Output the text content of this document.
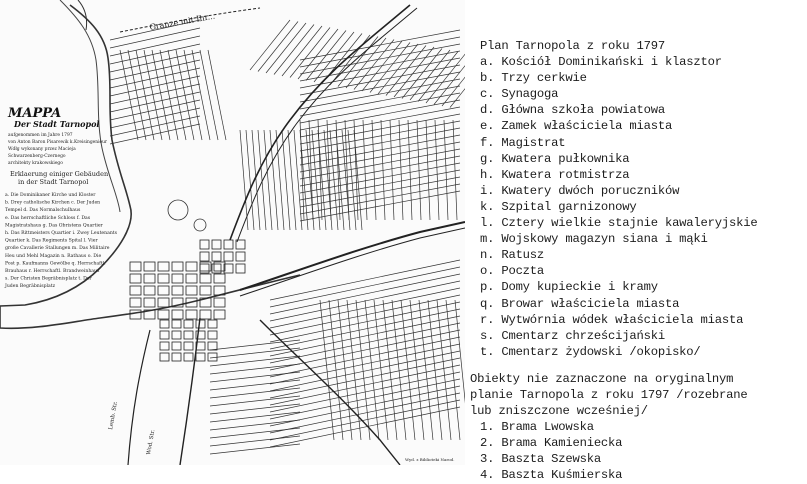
Granze mit Ihr...
MAPPA
Der Stadt Tarnopol
aufgenommen im Jahre 1797
von Anton Baron Pisarewik k.Kreisingenieur
Wdłg wykonany przez Macieja
Schwarzenberg-Czernego
architekty krakowskiego
Erklaerung einiger Gebäuden
in der Stadt Tarnopol
a. Die Dominikaner Kirche und Kloster
b. Drey catholische Kirchen c. Der Juden
Tempel d. Das Normalschulhaus
e. Das herrschaftliche Schloss f. Das
Magistratshaus g. Das Obristens Quartier
h. Das Rittmeisters Quartier i. Zwey Leutenants
Quartier k. Das Regiments Spital l. Vier
große Cavallerie Stallungen m. Das Militaire
Heu und Mehl Magazin n. Rathaus o. Die
Post p. Kaufmanns Gewölbe q. Herrschaftl.
Brauhaus r. Herrschaftl. Brandweinhaus
s. Der Christen Begräbnisplatz t. Der
Juden Begräbnisplatz
Lemb. Str.
Wod. Str.
Wyd. z Biblioteki Narod.
Plan Tarnopola z roku 1797
a. Kościół Dominikański i klasztor
b. Trzy cerkwie
c. Synagoga
d. Główna szkoła powiatowa
e. Zamek właściciela miasta
f. Magistrat
g. Kwatera pułkownika
h. Kwatera rotmistrza
i. Kwatery dwóch poruczników
k. Szpital garnizonowy
l. Cztery wielkie stajnie kawaleryjskie
m. Wojskowy magazyn siana i mąki
n. Ratusz
o. Poczta
p. Domy kupieckie i kramy
q. Browar właściciela miasta
r. Wytwórnia wódek właściciela miasta
s. Cmentarz chrześcijański
t. Cmentarz żydowski /okopisko/
Obiekty nie zaznaczone na oryginalnym
planie Tarnopola z roku 1797 /rozebrane
lub zniszczone wcześniej/
1. Brama Lwowska
2. Brama Kamieniecka
3. Baszta Szewska
4. Baszta Kuśmierska
